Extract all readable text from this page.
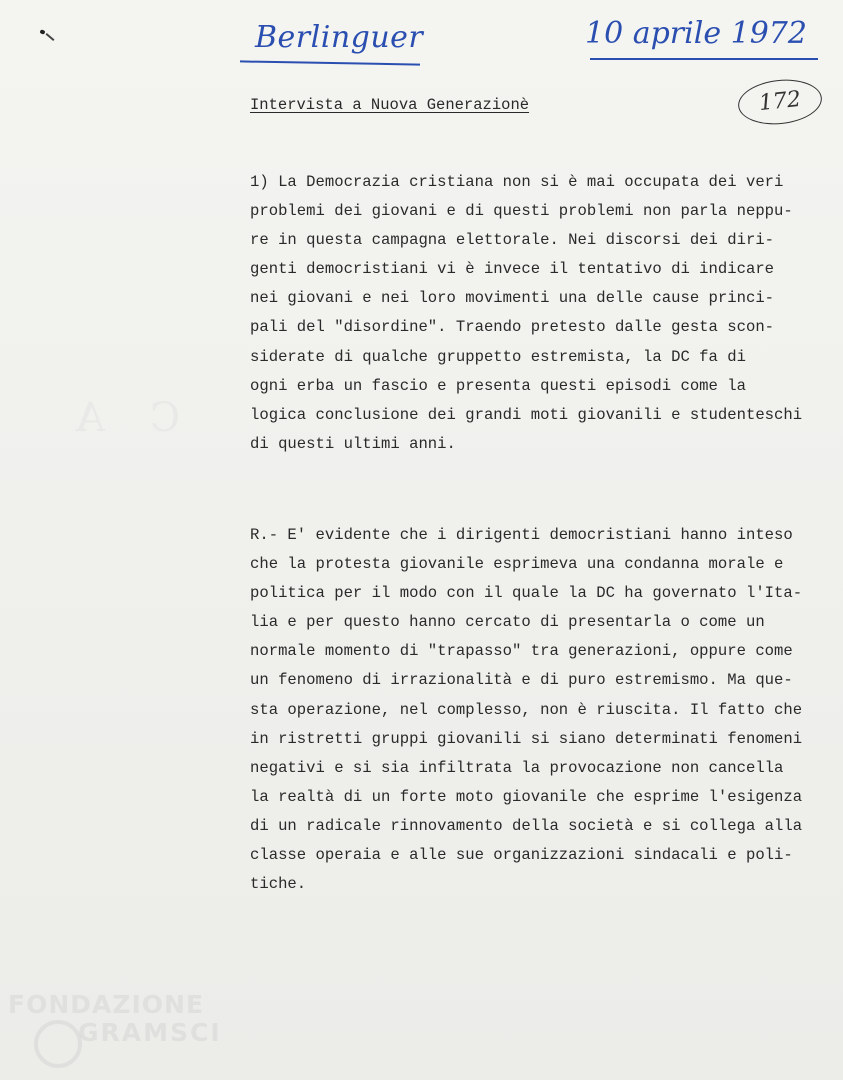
C A
Berlinguer	10 aprile 1972
172
Intervista a Nuova Generazionè
1) La Democrazia cristiana non si è mai occupata dei veri
problemi dei giovani e di questi problemi non parla neppu-
re in questa campagna elettorale. Nei discorsi dei diri-
genti democristiani vi è invece il tentativo di indicare
nei giovani e nei loro movimenti una delle cause princi-
pali del "disordine". Traendo pretesto dalle gesta scon-
siderate di qualche gruppetto estremista, la DC fa di
ogni erba un fascio e presenta questi episodi come la
logica conclusione dei grandi moti giovanili e studenteschi
di questi ultimi anni.
R.- E' evidente che i dirigenti democristiani hanno inteso
che la protesta giovanile esprimeva una condanna morale e
politica per il modo con il quale la DC ha governato l'Ita-
lia e per questo hanno cercato di presentarla o come un
normale momento di "trapasso" tra generazioni, oppure come
un fenomeno di irrazionalità e di puro estremismo. Ma que-
sta operazione, nel complesso, non è riuscita. Il fatto che
in ristretti gruppi giovanili si siano determinati fenomeni
negativi e si sia infiltrata la provocazione non cancella
la realtà di un forte moto giovanile che esprime l'esigenza
di un radicale rinnovamento della società e si collega alla
classe operaia e alle sue organizzazioni sindacali e poli-
tiche.
FONDAZIONE
GRAMSCI
